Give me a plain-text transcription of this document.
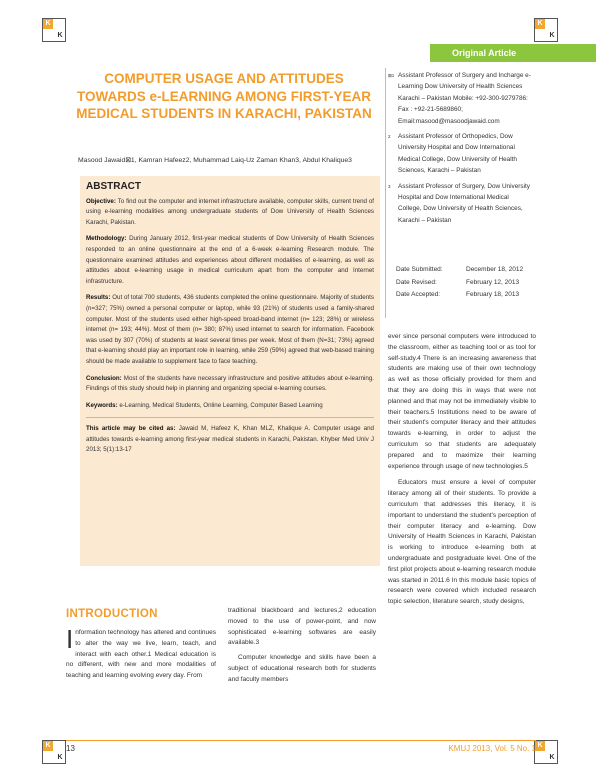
K
K
K
K
K
K
K
K
Original Article
COMPUTER USAGE AND ATTITUDES TOWARDS e-LEARNING AMONG FIRST-YEAR MEDICAL STUDENTS IN KARACHI, PAKISTAN
Masood Jawaid⊠1, Kamran Hafeez2, Muhammad Laiq-Uz Zaman Khan3, Abdul Khalique3
⊠1 Assistant Professor of Surgery and Incharge e-Learning Dow University of Health Sciences Karachi – Pakistan Mobile: +92-300-9279786: Fax : +92-21-5689860; Email:masood@masoodjawaid.com
2 Assistant Professor of Orthopedics, Dow University Hospital and Dow International Medical College, Dow University of Health Sciences, Karachi – Pakistan
3 Assistant Professor of Surgery, Dow University Hospital and Dow International Medical College, Dow University of Health Sciences, Karachi – Pakistan
Date Submitted:	December 18, 2012
Date Revised:	February 12, 2013
Date Accepted:	February 18, 2013
ABSTRACT

Objective: To find out the computer and internet infrastructure available, computer skills, current trend of using e-learning modalities among undergraduate students of Dow University of Health Sciences Karachi, Pakistan.

Methodology: During January 2012, first-year medical students of Dow University of Health Sciences responded to an online questionnaire at the end of a 6-week e-learning Research module. The questionnaire examined attitudes and experiences about different modalities of e-learning, as well as attitudes about e-learning usage in medical curriculum apart from the computer and Internet infrastructure.

Results: Out of total 700 students, 436 students completed the online questionnaire. Majority of students (n=327; 75%) owned a personal computer or laptop, while 93 (21%) of students used a family-shared computer. Most of the students used either high-speed broad-band internet (n= 123; 28%) or wireless internet (n= 193; 44%). Most of them (n= 380; 87%) used internet to search for information. Facebook was used by 307 (70%) of students at least several times per week. Most of them (N=31; 73%) agreed that e-learning should play an important role in learning, while 259 (59%) agreed that web-based training should be made available to supplement face to face teaching.

Conclusion: Most of the students have necessary infrastructure and positive attitudes about e-learning. Findings of this study should help in planning and organizing special e-learning courses.

Keywords: e-Learning, Medical Students, Online Learning, Computer Based Learning

This article may be cited as: Jawaid M, Hafeez K, Khan MLZ, Khalique A. Computer usage and attitudes towards e-learning among first-year medical students in Karachi, Pakistan. Khyber Med Univ J 2013; 5(1):13-17

INTRODUCTION

Information technology has altered and continues to alter the way we live, learn, teach, and interact with each other.1 Medical education is no different, with new and more modalities of teaching and learning evolving every day. From

traditional blackboard and lectures,2 education moved to the use of power-point, and now sophisticated e-learning softwares are easily available.3

Computer knowledge and skills have been a subject of educational research both for students and faculty members

ever since personal computers were introduced to the classroom, either as teaching tool or as tool for self-study.4 There is an increasing awareness that students are making use of their own technology as well as those officially provided for them and that they are doing this in ways that were not planned and that may not be immediately visible to their teachers.5 Institutions need to be aware of their student's computer literacy and their attitudes towards e-learning, in order to adjust the curriculum so that students are adequately prepared and to maximize their learning experience through usage of new technologies.5

Educators must ensure a level of computer literacy among all of their students. To provide a curriculum that addresses this literacy, it is important to understand the student's perception of their computer literacy and e-learning. Dow University of Health Sciences in Karachi, Pakistan is working to introduce e-learning both at undergraduate and postgraduate level. One of the first pilot projects about e-learning research module was started in 2011.6 In this module basic topics of research were covered which included research topic selection, literature search, study designs,

13	KMUJ 2013, Vol. 5 No. 1
